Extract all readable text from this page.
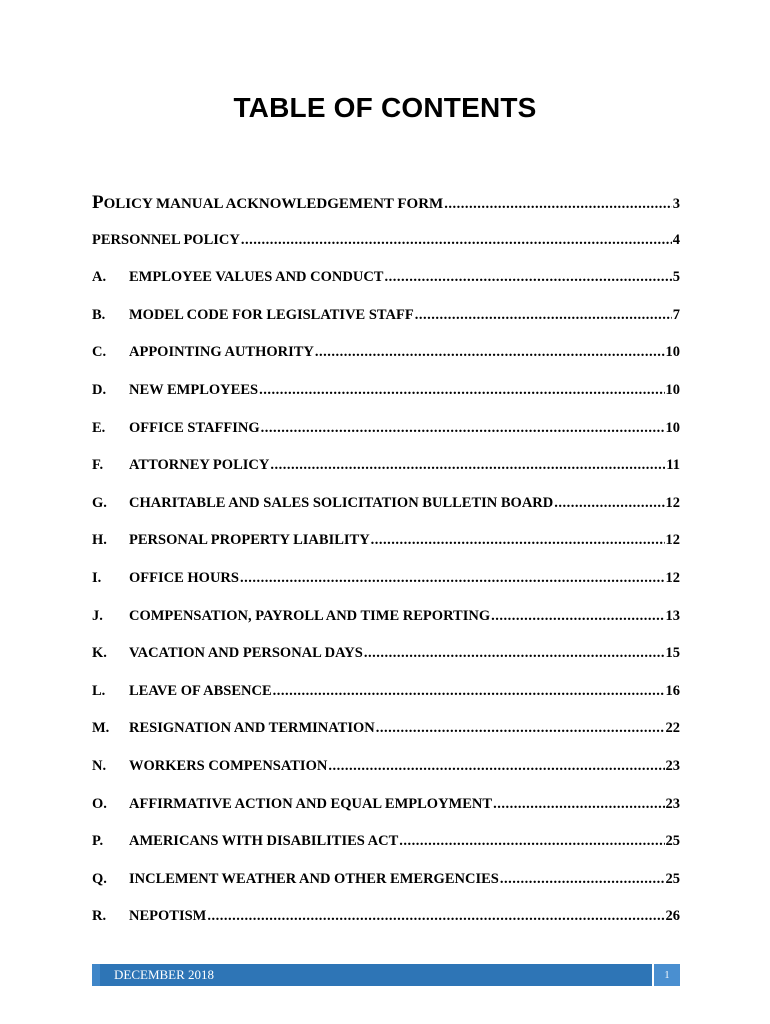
TABLE OF CONTENTS
POLICY MANUAL ACKNOWLEDGEMENT FORM .....	3
PERSONNEL POLICY .....	4
A.	EMPLOYEE VALUES AND CONDUCT .....	5
B.	MODEL CODE FOR LEGISLATIVE STAFF .....	7
C.	APPOINTING AUTHORITY .....	10
D.	NEW EMPLOYEES .....	10
E.	OFFICE STAFFING .....	10
F.	ATTORNEY POLICY .....	11
G.	CHARITABLE AND SALES SOLICITATION BULLETIN BOARD .....	12
H.	PERSONAL PROPERTY LIABILITY .....	12
I.	OFFICE HOURS .....	12
J.	COMPENSATION, PAYROLL AND TIME REPORTING .....	13
K.	VACATION AND PERSONAL DAYS .....	15
L.	LEAVE OF ABSENCE .....	16
M.	RESIGNATION AND TERMINATION .....	22
N.	WORKERS COMPENSATION .....	23
O.	AFFIRMATIVE ACTION AND EQUAL EMPLOYMENT .....	23
P.	AMERICANS WITH DISABILITIES ACT .....	25
Q.	INCLEMENT WEATHER AND OTHER EMERGENCIES .....	25
R.	NEPOTISM .....	26
DECEMBER 2018	1
